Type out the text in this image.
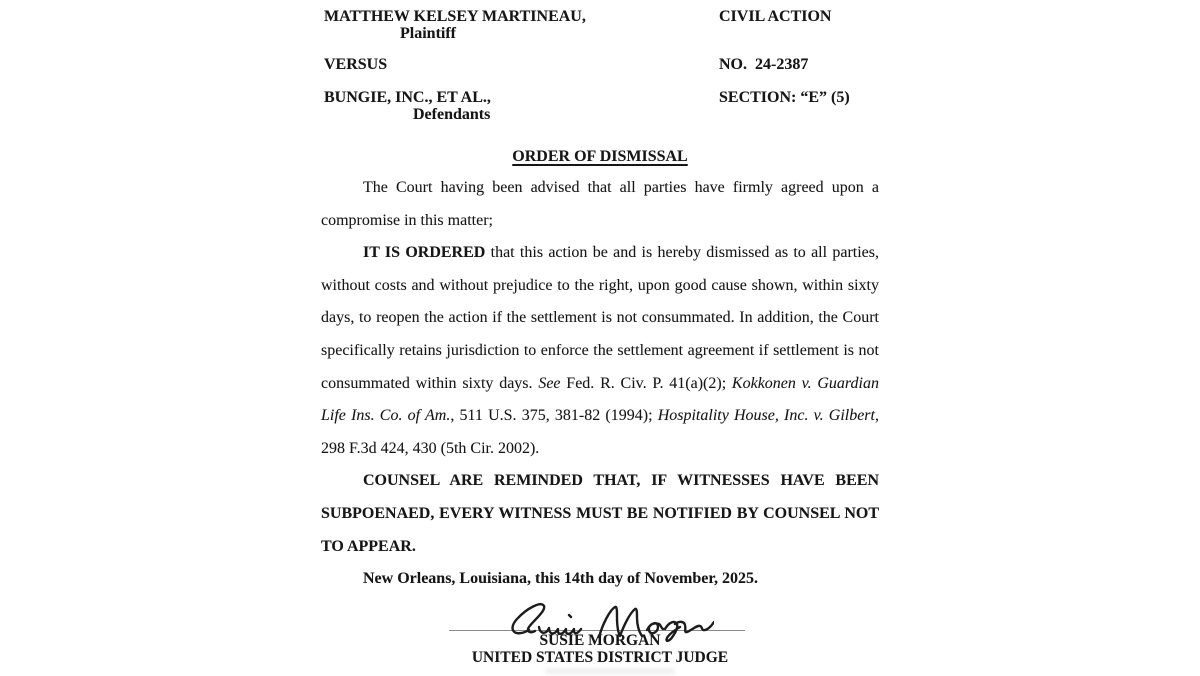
MATTHEW KELSEY MARTINEAU,
Plaintiff
VERSUS
BUNGIE, INC., ET AL.,
Defendants
CIVIL ACTION
NO.  24-2387
SECTION: “E” (5)
ORDER OF DISMISSAL

The Court having been advised that all parties have firmly agreed upon a compromise in this matter;

IT IS ORDERED that this action be and is hereby dismissed as to all parties, without costs and without prejudice to the right, upon good cause shown, within sixty days, to reopen the action if the settlement is not consummated. In addition, the Court specifically retains jurisdiction to enforce the settlement agreement if settlement is not consummated within sixty days. See Fed. R. Civ. P. 41(a)(2); Kokkonen v. Guardian Life Ins. Co. of Am., 511 U.S. 375, 381-82 (1994); Hospitality House, Inc. v. Gilbert, 298 F.3d 424, 430 (5th Cir. 2002).

COUNSEL ARE REMINDED THAT, IF WITNESSES HAVE BEEN SUBPOENAED, EVERY WITNESS MUST BE NOTIFIED BY COUNSEL NOT TO APPEAR.

New Orleans, Louisiana, this 14th day of November, 2025.

SUSIE MORGAN
UNITED STATES DISTRICT JUDGE
